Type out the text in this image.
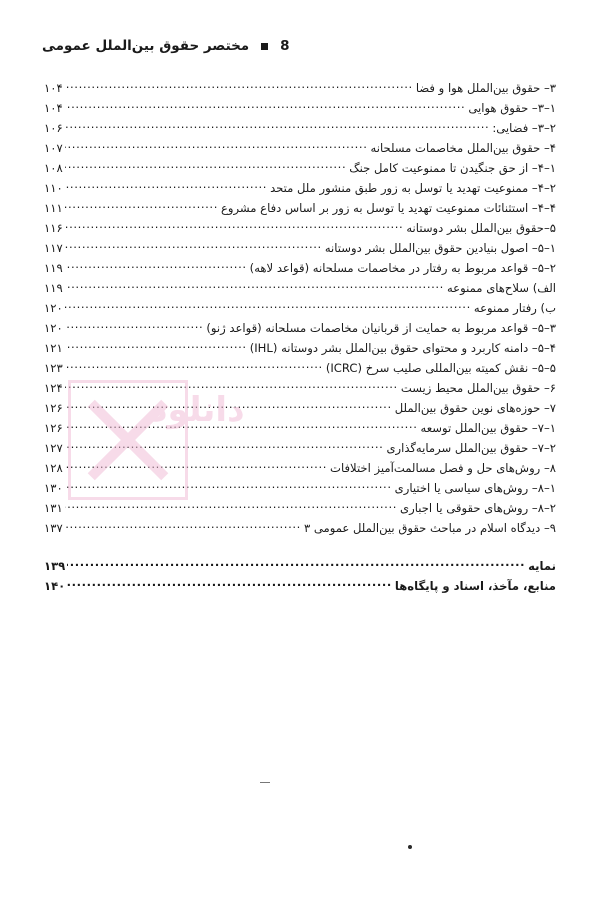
مختصر حقوق بین‌الملل عمومی 8
۳– حقوق بین‌الملل هوا و فضا
.....
۱۰۴
۱–۳– حقوق هوایی
.....
۱۰۴
۲–۳– فضایی:
.....
۱۰۶
۴– حقوق بین‌الملل مخاصمات مسلحانه
.....
۱۰۷
۱–۴– از حق جنگیدن تا ممنوعیت کامل جنگ
.....
۱۰۸
۲–۴– ممنوعیت تهدید یا توسل به زور طبق منشور ملل متحد
.....
۱۱۰
۴–۴– استثنائات ممنوعیت تهدید یا توسل به زور بر اساس دفاع مشروع
.....
۱۱۱
۵–حقوق بین‌الملل بشر دوستانه
.....
۱۱۶
۱–۵– اصول بنیادین حقوق بین‌الملل بشر دوستانه
.....
۱۱۷
۲–۵– قواعد مربوط به رفتار در مخاصمات مسلحانه (قواعد لاهه)
.....
۱۱۹
الف) سلاح‌های ممنوعه
.....
۱۱۹
ب) رفتار ممنوعه
.....
۱۲۰
۳–۵– قواعد مربوط به حمایت از قربانیان مخاصمات مسلحانه (قواعد ژنو)
.....
۱۲۰
۴–۵– دامنه کاربرد و محتوای حقوق بین‌الملل بشر دوستانه (IHL)
.....
۱۲۱
۵–۵– نقش کمیته بین‌المللی صلیب سرخ (ICRC)
.....
۱۲۳
۶– حقوق بین‌الملل محیط زیست
.....
۱۲۴
۷– حوزه‌های نوین حقوق بین‌الملل
.....
۱۲۶
۱–۷– حقوق بین‌الملل توسعه
.....
۱۲۶
۲–۷– حقوق بین‌الملل سرمایه‌گذاری
.....
۱۲۷
۸– روش‌های حل و فصل مسالمت‌آمیز اختلافات
.....
۱۲۸
۱–۸– روش‌های سیاسی یا اختیاری
.....
۱۳۰
۲–۸– روش‌های حقوقی یا اجباری
.....
۱۳۱
۹– دیدگاه اسلام در مباحث حقوق بین‌الملل عمومی ۳
.....
۱۳۷
نمایه
.....
۱۳۹
منابع، مآخذ، اسناد و پایگاه‌ها
.....
۱۴۰
دانلود
